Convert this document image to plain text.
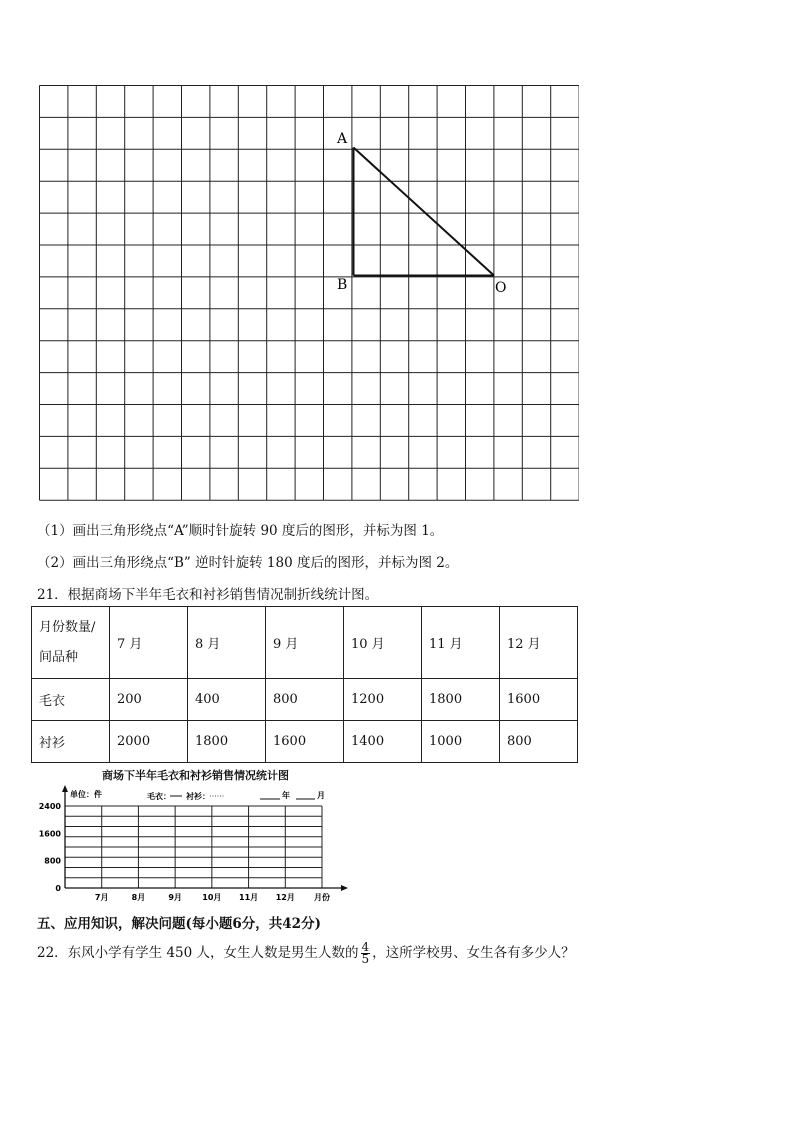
A
B	O
（1）画出三角形绕点“A”顺时针旋转 90 度后的图形，并标为图 1。
（2）画出三角形绕点“B” 逆时针旋转 180 度后的图形，并标为图 2。
21．根据商场下半年毛衣和衬衫销售情况制折线统计图。
月份数量/
间品种	7 月	8 月	9 月	10 月	11 月	12 月
毛衣	200	400	800	1200	1800	1600
衬衫	2000	1800	1600	1400	1000	800
商场下半年毛衣和衬衫销售情况统计图
单位：件	毛衣： 衬衫：	年	月
0
800
1600
2400
7月	8月	9月	10月 11月 12月 月份
五、应用知识，解决问题(每小题6分，共42分)
22．东风小学有学生 450 人，女生人数是男生人数的 $\frac{4}{5}$ ，这所学校男、女生各有多少人？
